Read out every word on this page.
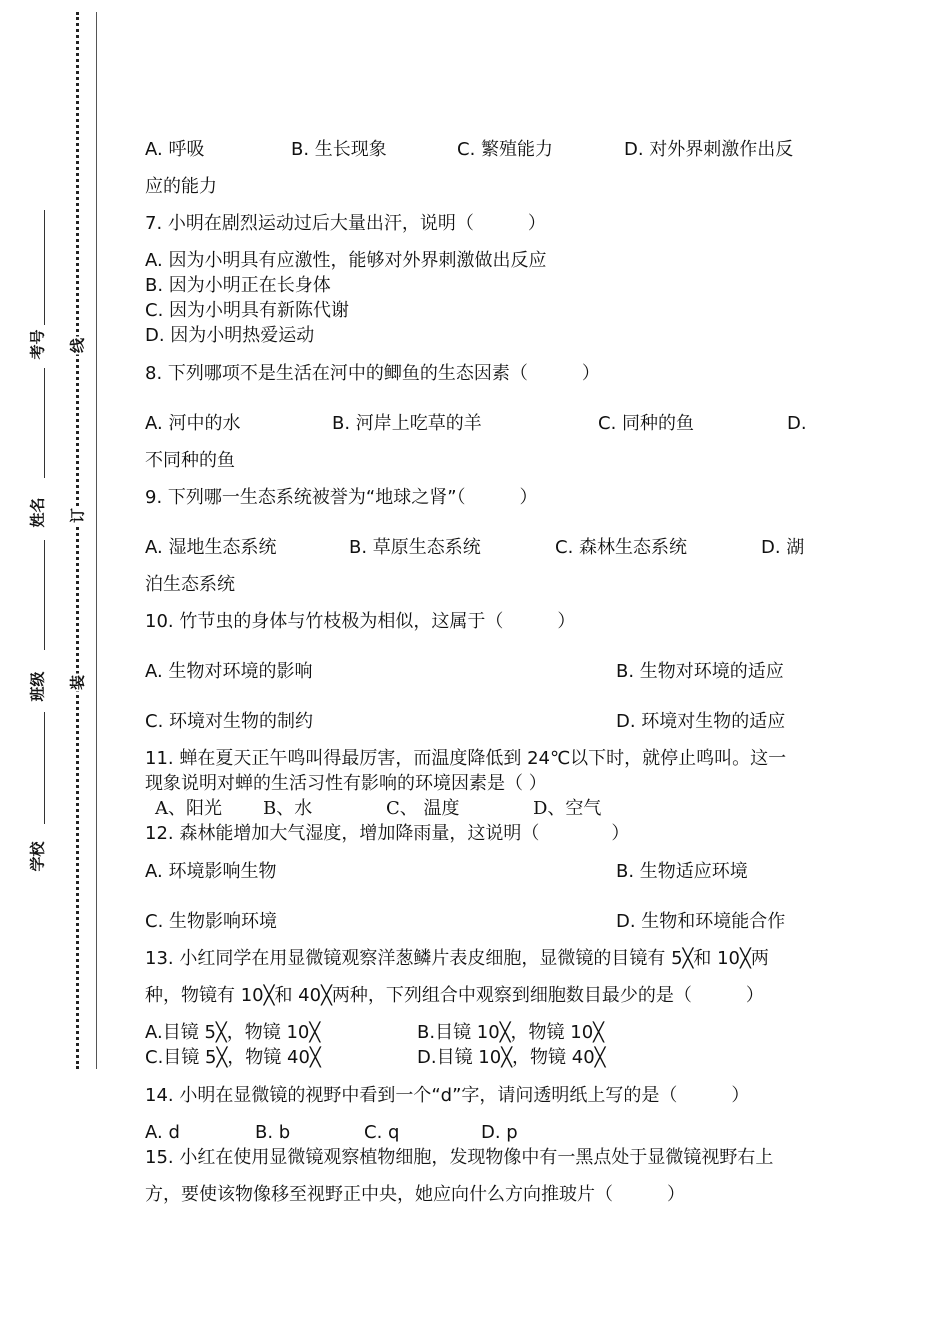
线
订
装
考号
姓名
班级
学校
A. 呼吸	B. 生长现象	C. 繁殖能力	D. 对外界刺激作出反
应的能力
7. 小明在剧烈运动过后大量出汗，说明（　　　）
A. 因为小明具有应激性，能够对外界刺激做出反应
B. 因为小明正在长身体
C. 因为小明具有新陈代谢
D. 因为小明热爱运动
8. 下列哪项不是生活在河中的鲫鱼的生态因素（　　　）
A. 河中的水	B. 河岸上吃草的羊	C. 同种的鱼	D.
不同种的鱼
9. 下列哪一生态系统被誉为“地球之肾”（　　　）
A. 湿地生态系统	B. 草原生态系统	C. 森林生态系统	D. 湖
泊生态系统
10. 竹节虫的身体与竹枝极为相似，这属于（　　　）
A. 生物对环境的影响	B. 生物对环境的适应
C. 环境对生物的制约	D. 环境对生物的适应
11. 蝉在夏天正午鸣叫得最厉害，而温度降低到 24℃以下时，就停止鸣叫。这一
现象说明对蝉的生活习性有影响的环境因素是（ ）
A、阳光 B、水	C、 温度	D、空气
12. 森林能增加大气湿度，增加降雨量，这说明（　　　　）
A. 环境影响生物	B. 生物适应环境
C. 生物影响环境	D. 生物和环境能合作
13. 小红同学在用显微镜观察洋葱鳞片表皮细胞，显微镜的目镜有 5╳和 10╳两
种，物镜有 10╳和 40╳两种，下列组合中观察到细胞数目最少的是（　　　）
A.目镜 5╳，物镜 10╳	B.目镜 10╳，物镜 10╳
C.目镜 5╳，物镜 40╳	D.目镜 10╳，物镜 40╳
14. 小明在显微镜的视野中看到一个“d”字，请问透明纸上写的是（　　　）
A. d	B. b	C. q	D. p
15. 小红在使用显微镜观察植物细胞，发现物像中有一黑点处于显微镜视野右上
方，要使该物像移至视野正中央，她应向什么方向推玻片（　　　）
